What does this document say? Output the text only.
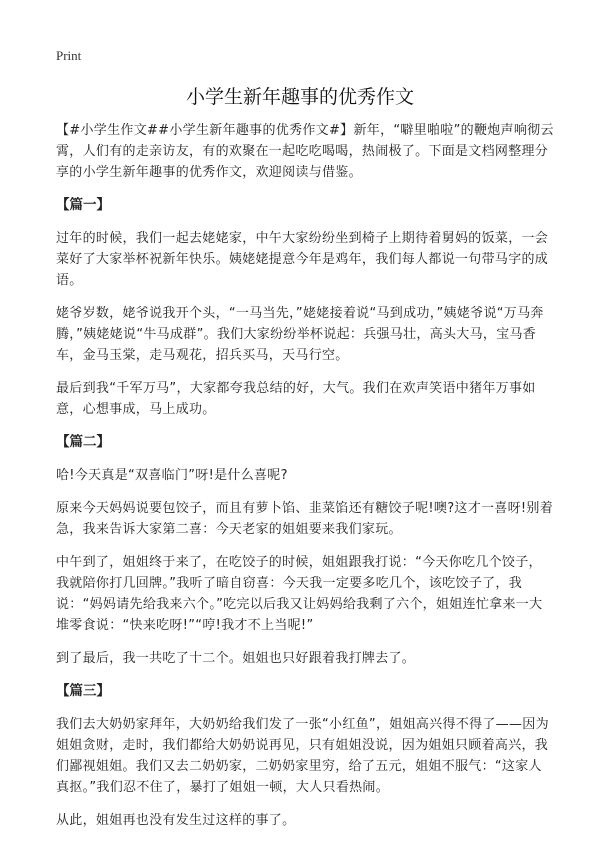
Print
小学生新年趣事的优秀作文

【#小学生作文##小学生新年趣事的优秀作文#】新年，“噼里啪啦”的鞭炮声响彻云霄，人们有的走亲访友，有的欢聚在一起吃吃喝喝，热闹极了。下面是文档网整理分享的小学生新年趣事的优秀作文，欢迎阅读与借鉴。

【篇一】

过年的时候，我们一起去姥姥家，中午大家纷纷坐到椅子上期待着舅妈的饭菜，一会菜好了大家举杯祝新年快乐。姨姥姥提意今年是鸡年，我们每人都说一句带马字的成语。

姥爷岁数，姥爷说我开个头，“一马当先，”姥姥接着说“马到成功，”姨姥爷说“万马奔腾，”姨姥姥说“牛马成群”。我们大家纷纷举杯说起：兵强马壮，高头大马，宝马香车，金马玉棠，走马观花，招兵买马，天马行空。

最后到我“千军万马”，大家都夸我总结的好，大气。我们在欢声笑语中猪年万事如意，心想事成，马上成功。

【篇二】

哈!今天真是“双喜临门”呀!是什么喜呢?

原来今天妈妈说要包饺子，而且有萝卜馅、韭菜馅还有糖饺子呢!噢?这才一喜呀!别着急，我来告诉大家第二喜：今天老家的姐姐要来我们家玩。

中午到了，姐姐终于来了，在吃饺子的时候，姐姐跟我打说：“今天你吃几个饺子，我就陪你打几回牌。”我听了暗自窃喜：今天我一定要多吃几个，该吃饺子了，我说：“妈妈请先给我来六个。”吃完以后我又让妈妈给我剩了六个，姐姐连忙拿来一大堆零食说：“快来吃呀!”“哼!我才不上当呢!”

到了最后，我一共吃了十二个。姐姐也只好跟着我打牌去了。

【篇三】

我们去大奶奶家拜年，大奶奶给我们发了一张“小红鱼”，姐姐高兴得不得了——因为姐姐贪财，走时，我们都给大奶奶说再见，只有姐姐没说，因为姐姐只顾着高兴，我们鄙视姐姐。我们又去二奶奶家，二奶奶家里穷，给了五元，姐姐不服气：“这家人真抠。”我们忍不住了，暴打了姐姐一顿，大人只看热闹。

从此，姐姐再也没有发生过这样的事了。
